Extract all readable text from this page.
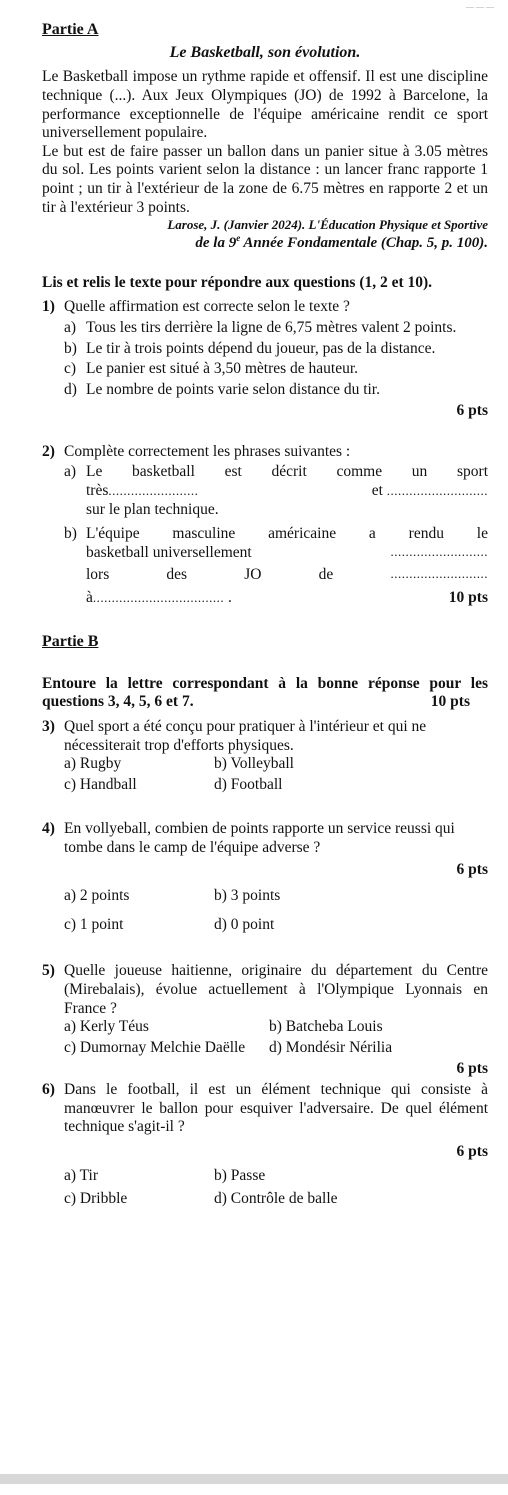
— — —
Partie A
Le Basketball, son évolution.
Le Basketball impose un rythme rapide et offensif. Il est une discipline technique (...). Aux Jeux Olympiques (JO) de 1992 à Barcelone, la performance exceptionnelle de l'équipe américaine rendit ce sport universellement populaire.
Le but est de faire passer un ballon dans un panier situe à 3.05 mètres du sol. Les points varient selon la distance : un lancer franc rapporte 1 point ; un tir à l'extérieur de la zone de 6.75 mètres en rapporte 2 et un tir à l'extérieur 3 points.
Larose, J. (Janvier 2024). L'Éducation Physique et Sportive
de la 9e Année Fondamentale (Chap. 5, p. 100).
Lis et relis le texte pour répondre aux questions (1, 2 et 10).
1) Quelle affirmation est correcte selon le texte ?
a) Tous les tirs derrière la ligne de 6,75 mètres valent 2 points.
b) Le tir à trois points dépend du joueur, pas de la distance.
c) Le panier est situé à 3,50 mètres de hauteur.
d) Le nombre de points varie selon distance du tir.
6 pts
2) Complète correctement les phrases suivantes :
a) Le basketball est décrit comme un sport
très........................	et ...........................
sur le plan technique.
b) L'équipe masculine américaine a rendu le
basketball universellement	..........................
lors	des	JO	de	..........................
à................................... .	10 pts
Partie B
Entoure la lettre correspondant à la bonne réponse pour les questions 3, 4, 5, 6 et 7.	10 pts
3) Quel sport a été conçu pour pratiquer à l'intérieur et qui ne nécessiterait trop d'efforts physiques.
a) Rugby	b) Volleyball
c) Handball	d) Football
4) En vollyeball, combien de points rapporte un service reussi qui tombe dans le camp de l'équipe adverse ?
6 pts
a) 2 points	b) 3 points
c) 1 point	d) 0 point
5) Quelle joueuse haitienne, originaire du département du Centre (Mirebalais), évolue actuellement à l'Olympique Lyonnais en France ?
a) Kerly Téus	b) Batcheba Louis
c) Dumornay Melchie Daëlle	d) Mondésir Nérilia
6 pts
6) Dans le football, il est un élément technique qui consiste à manœuvrer le ballon pour esquiver l'adversaire. De quel élément technique s'agit-il ?
6 pts
a) Tir	b) Passe
c) Dribble	d) Contrôle de balle
